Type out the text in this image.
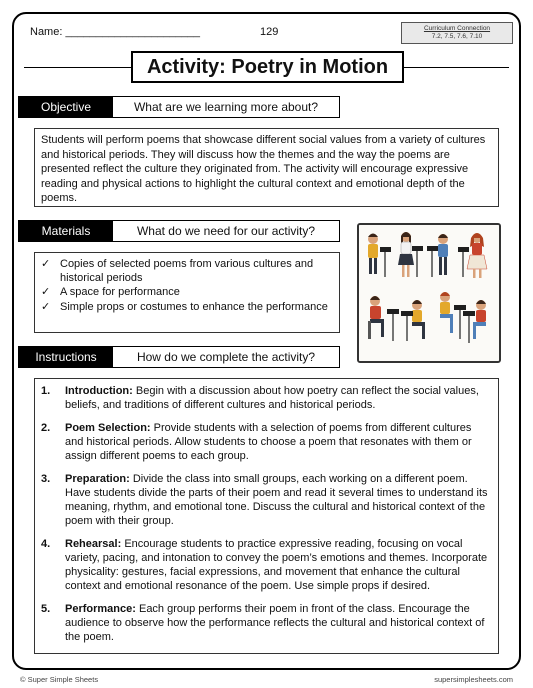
Name: ______________________	129	Curriculum Connection
7.2, 7.5, 7.6, 7.10
Activity: Poetry in Motion
Objective	What are we learning more about?

Students will perform poems that showcase different social values from a variety of cultures and historical periods. They will discuss how the themes and the way the poems are presented reflect the culture they originated from. The activity will encourage expressive reading and physical actions to highlight the cultural context and emotional depth of the poems.

Materials	What do we need for our activity?
✓ Copies of selected poems from various cultures and historical periods
✓ A space for performance
✓ Simple props or costumes to enhance the performance
Instructions	How do we complete the activity?
1. Introduction: Begin with a discussion about how poetry can reflect the social values, beliefs, and traditions of different cultures and historical periods.
2. Poem Selection: Provide students with a selection of poems from different cultures and historical periods. Allow students to choose a poem that resonates with them or assign different poems to each group.
3. Preparation: Divide the class into small groups, each working on a different poem. Have students divide the parts of their poem and read it several times to understand its meaning, rhythm, and emotional tone. Discuss the cultural and historical context of the poem with their group.
4. Rehearsal: Encourage students to practice expressive reading, focusing on vocal variety, pacing, and intonation to convey the poem’s emotions and themes. Incorporate physicality: gestures, facial expressions, and movement that enhance the cultural context and emotional resonance of the poem. Use simple props if desired.
5. Performance: Each group performs their poem in front of the class. Encourage the audience to observe how the performance reflects the cultural and historical context of the poem.
© Super Simple Sheets	supersimplesheets.com
